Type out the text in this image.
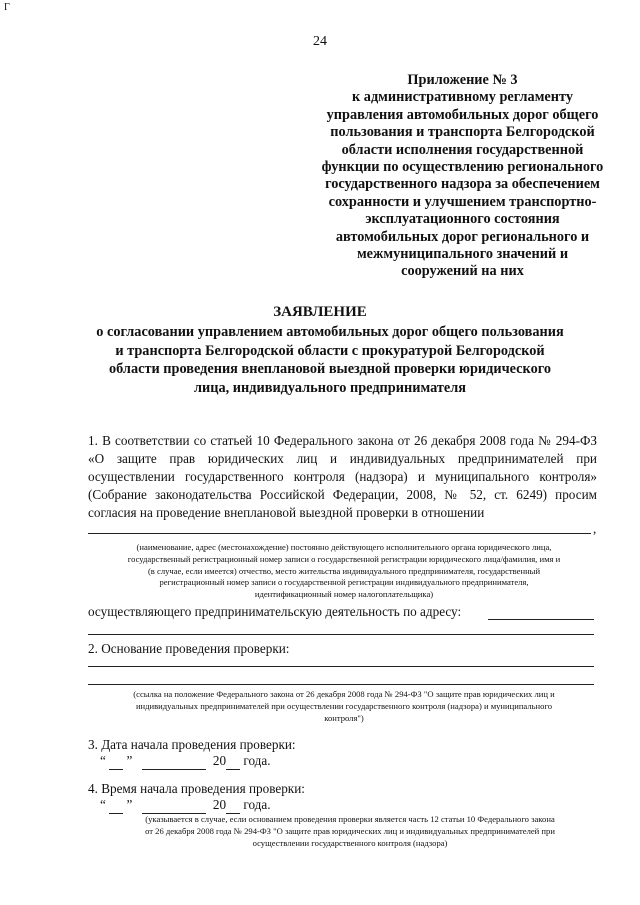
Г
24
Приложение № 3
к административному регламенту
управления автомобильных дорог общего
пользования и транспорта Белгородской
области исполнения государственной
функции по осуществлению регионального
государственного надзора за обеспечением
сохранности и улучшением транспортно-
эксплуатационного состояния
автомобильных дорог регионального и
межмуниципального значений и
сооружений на них
ЗАЯВЛЕНИЕ
о согласовании управлением автомобильных дорог общего пользования
и транспорта Белгородской области с прокуратурой Белгородской
области проведения внеплановой выездной проверки юридического
лица, индивидуального предпринимателя
1. В соответствии со статьей 10 Федерального закона от 26 декабря 2008 года № 294-ФЗ «О защите прав юридических лиц и индивидуальных предпринимателей при осуществлении государственного контроля (надзора) и муниципального контроля» (Собрание законодательства Российской Федерации, 2008, № 52, ст. 6249) просим согласия на проведение внеплановой выездной проверки в отношении
,
(наименование, адрес (местонахождение) постоянно действующего исполнительного органа юридического лица,
государственный регистрационный номер записи о государственной регистрации юридического лица/фамилия, имя и
(в случае, если имеется) отчество, место жительства индивидуального предпринимателя, государственный
регистрационный номер записи о государственной регистрации индивидуального предпринимателя,
идентификационный номер налогоплательщика)
осуществляющего предпринимательскую деятельность по адресу:
2. Основание проведения проверки:
(ссылка на положение Федерального закона от 26 декабря 2008 года № 294-ФЗ "О защите прав юридических лиц и
индивидуальных предпринимателей при осуществлении государственного контроля (надзора) и муниципального
контроля")
3. Дата начала проведения проверки:
“ ”	20 года.
4. Время начала проведения проверки:
“ ”	20 года.
(указывается в случае, если основанием проведения проверки является часть 12 статьи 10 Федерального закона
от 26 декабря 2008 года № 294-ФЗ "О защите прав юридических лиц и индивидуальных предпринимателей при
осуществлении государственного контроля (надзора)
